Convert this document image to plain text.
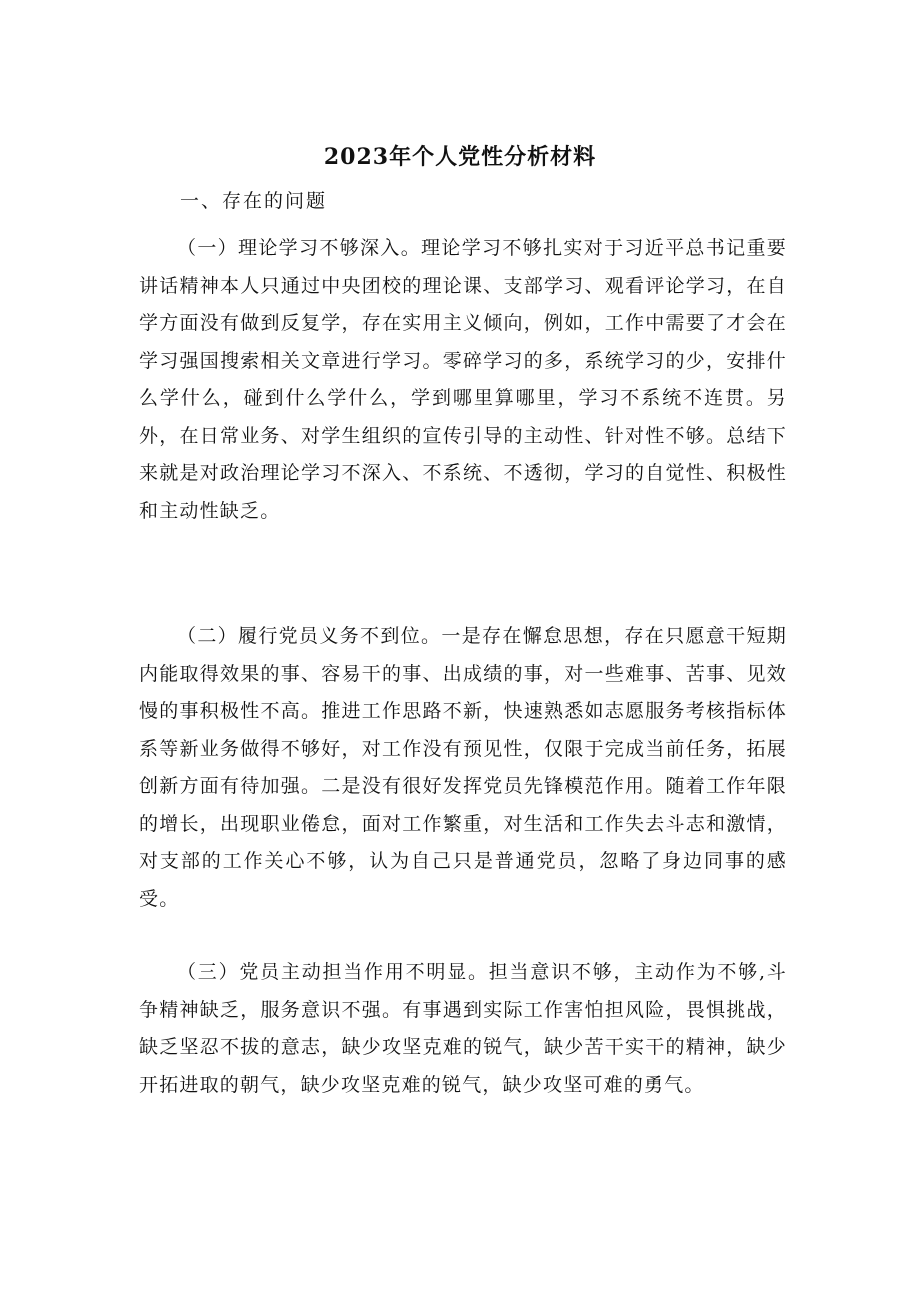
2023年个人党性分析材料
一、存在的问题

（一）理论学习不够深入。理论学习不够扎实对于习近平总书记重要讲话精神本人只通过中央团校的理论课、支部学习、观看评论学习，在自学方面没有做到反复学，存在实用主义倾向，例如，工作中需要了才会在学习强国搜索相关文章进行学习。零碎学习的多，系统学习的少，安排什么学什么，碰到什么学什么，学到哪里算哪里，学习不系统不连贯。另外，在日常业务、对学生组织的宣传引导的主动性、针对性不够。总结下来就是对政治理论学习不深入、不系统、不透彻，学习的自觉性、积极性和主动性缺乏。

（二）履行党员义务不到位。一是存在懈怠思想，存在只愿意干短期内能取得效果的事、容易干的事、出成绩的事，对一些难事、苦事、见效慢的事积极性不高。推进工作思路不新，快速熟悉如志愿服务考核指标体系等新业务做得不够好，对工作没有预见性，仅限于完成当前任务，拓展创新方面有待加强。二是没有很好发挥党员先锋模范作用。随着工作年限的增长，出现职业倦怠，面对工作繁重，对生活和工作失去斗志和激情，对支部的工作关心不够，认为自己只是普通党员，忽略了身边同事的感受。

（三）党员主动担当作用不明显。担当意识不够，主动作为不够,斗争精神缺乏，服务意识不强。有事遇到实际工作害怕担风险，畏惧挑战，缺乏坚忍不拔的意志，缺少攻坚克难的锐气，缺少苦干实干的精神，缺少开拓进取的朝气，缺少攻坚克难的锐气，缺少攻坚可难的勇气。
